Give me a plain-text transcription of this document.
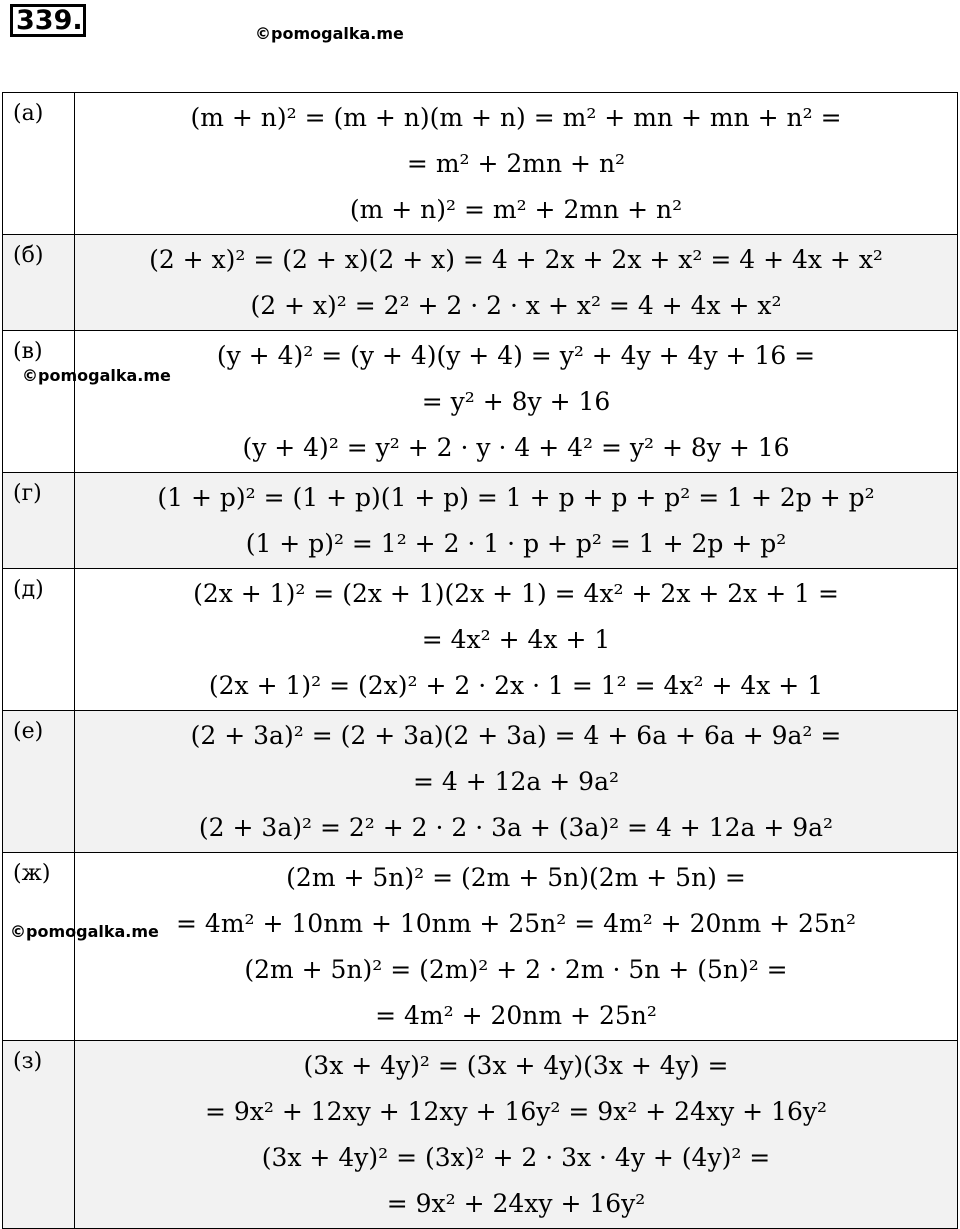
339.	©pomogalka.me
(а)	(m + n)² = (m + n)(m + n) = m² + mn + mn + n² =
= m² + 2mn + n²
(m + n)² = m² + 2mn + n²

(б)	(2 + x)² = (2 + x)(2 + x) = 4 + 2x + 2x + x² = 4 + 4x + x²
(2 + x)² = 2² + 2 · 2 · x + x² = 4 + 4x + x²

(в)	(y + 4)² = (y + 4)(y + 4) = y² + 4y + 4y + 16 =
= y² + 8y + 16
(y + 4)² = y² + 2 · y · 4 + 4² = y² + 8y + 16

(г)	(1 + p)² = (1 + p)(1 + p) = 1 + p + p + p² = 1 + 2p + p²
(1 + p)² = 1² + 2 · 1 · p + p² = 1 + 2p + p²

(д)	(2x + 1)² = (2x + 1)(2x + 1) = 4x² + 2x + 2x + 1 =
= 4x² + 4x + 1
(2x + 1)² = (2x)² + 2 · 2x · 1 = 1² = 4x² + 4x + 1

(е)	(2 + 3a)² = (2 + 3a)(2 + 3a) = 4 + 6a + 6a + 9a² =
= 4 + 12a + 9a²
(2 + 3a)² = 2² + 2 · 2 · 3a + (3a)² = 4 + 12a + 9a²

(ж)	(2m + 5n)² = (2m + 5n)(2m + 5n) =
= 4m² + 10nm + 10nm + 25n² = 4m² + 20nm + 25n²
(2m + 5n)² = (2m)² + 2 · 2m · 5n + (5n)² =
= 4m² + 20nm + 25n²

(з)	(3x + 4y)² = (3x + 4y)(3x + 4y) =
= 9x² + 12xy + 12xy + 16y² = 9x² + 24xy + 16y²
(3x + 4y)² = (3x)² + 2 · 3x · 4y + (4y)² =
= 9x² + 24xy + 16y²
©pomogalka.me
©pomogalka.me
